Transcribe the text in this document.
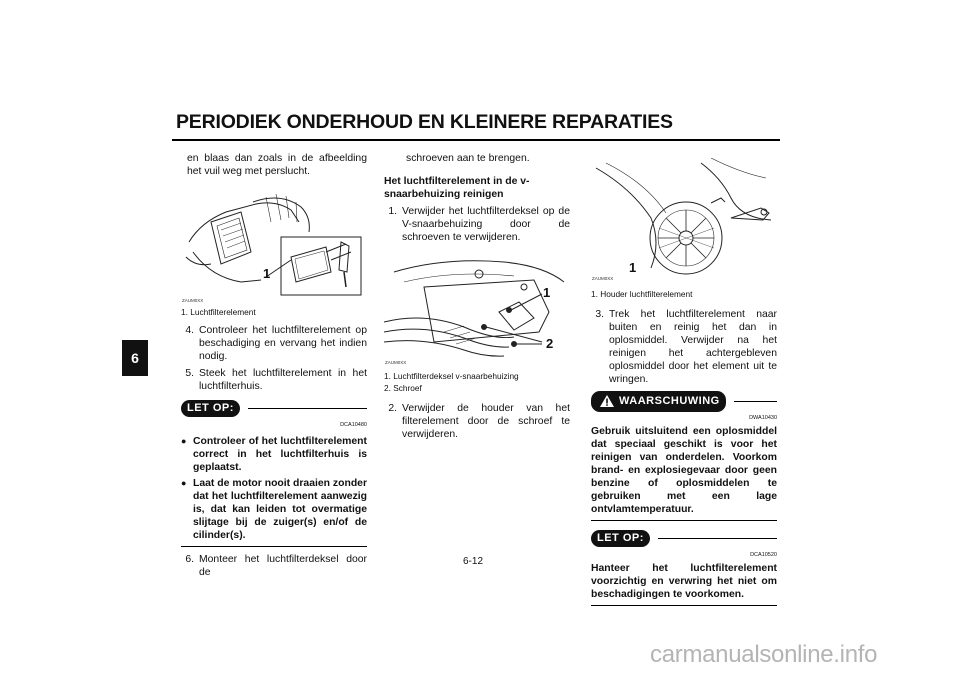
PERIODIEK ONDERHOUD EN KLEINERE REPARATIES
6

en blaas dan zoals in de afbeelding het vuil weg met perslucht.

1
ZAUM0XX
1. Luchtfilterelement
4. Controleer het luchtfilterelement op beschadiging en vervang het indien nodig.
5. Steek het luchtfilterelement in het luchtfilterhuis.
LET OP:
DCA10480
● Controleer of het luchtfilterelement correct in het luchtfilterhuis is geplaatst.
● Laat de motor nooit draaien zonder dat het luchtfilterelement aanwezig is, dat kan leiden tot overmatige slijtage bij de zuiger(s) en/of de cilinder(s).
6. Monteer het luchtfilterdeksel door de

schroeven aan te brengen.

Het luchtfilterelement in de v-snaarbehuizing reinigen
1. Verwijder het luchtfilterdeksel op de V-snaarbehuizing door de schroeven te verwijderen.
1
2
ZAUM0XX
1. Luchtfilterdeksel v-snaarbehuizing
2. Schroef
2. Verwijder de houder van het filterelement door de schroef te verwijderen.
1
ZAUM0XX
1. Houder luchtfilterelement
3. Trek het luchtfilterelement naar buiten en reinig het dan in oplosmiddel. Verwijder na het reinigen het achtergebleven oplosmiddel door het element uit te wringen.
WAARSCHUWING
DWA10430
Gebruik uitsluitend een oplosmiddel dat speciaal geschikt is voor het reinigen van onderdelen. Voorkom brand- en explosiegevaar door geen benzine of oplosmiddelen te gebruiken met een lage ontvlamtemperatuur.
LET OP:
DCA10520
Hanteer het luchtfilterelement voorzichtig en verwring het niet om beschadigingen te voorkomen.
6-12
carmanualsonline.info
